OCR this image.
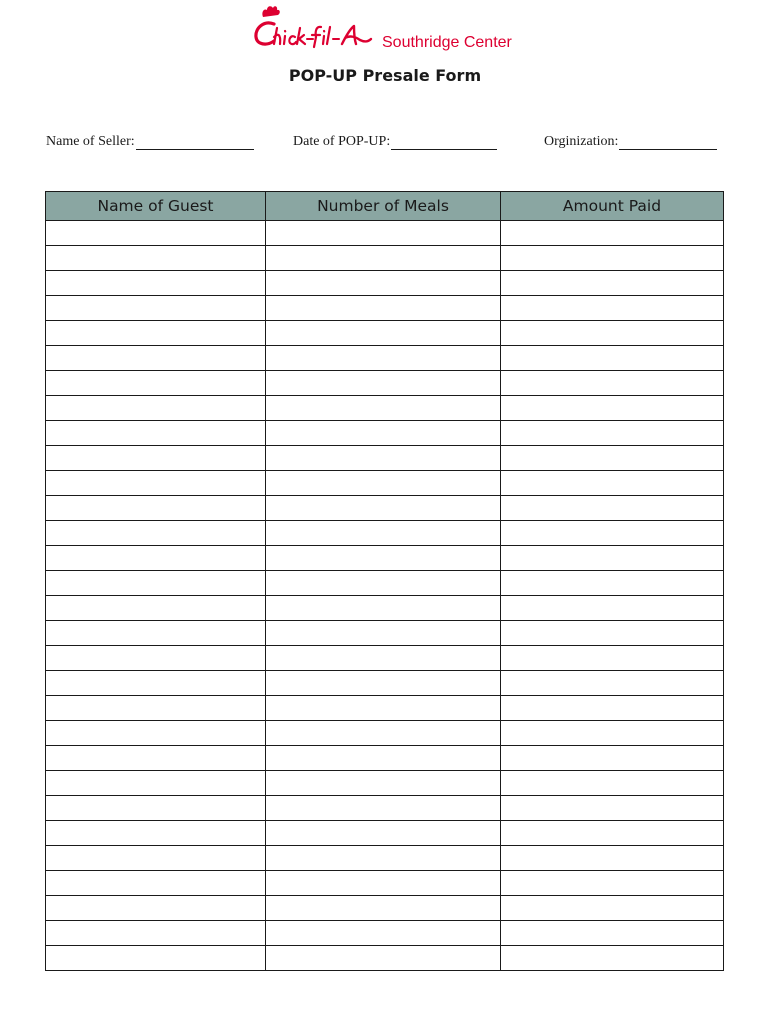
Southridge Center
POP-UP Presale Form
Name of Seller:	Date of POP-UP:	Orginization:
Name of Guest	Number of Meals	Amount Paid
